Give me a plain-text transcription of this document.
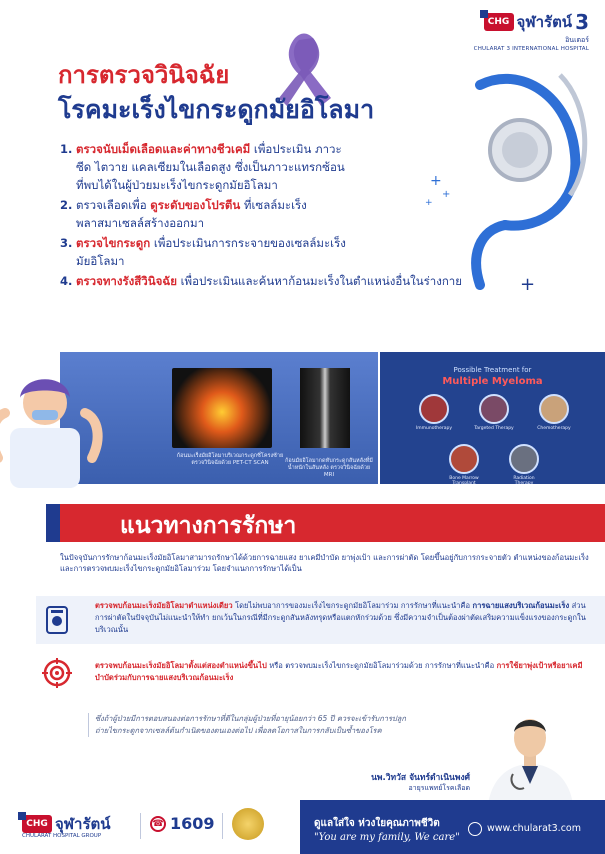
CHG จุฬารัตน์ 3
อินเตอร์
CHULARAT 3 INTERNATIONAL HOSPITAL
การตรวจวินิจฉัย
โรคมะเร็งไขกระดูกมัยอิโลมา
+
+
+
+
1. ตรวจนับเม็ดเลือดและค่าทางชีวเคมี เพื่อประเมิน ภาวะซีด ไตวาย แคลเซียมในเลือดสูง ซึ่งเป็นภาวะแทรกซ้อนที่พบได้ในผู้ป่วยมะเร็งไขกระดูกมัยอิโลมา
2. ตรวจเลือดเพื่อ ดูระดับของโปรตีน ที่เซลล์มะเร็งพลาสมาเซลล์สร้างออกมา
3. ตรวจไขกระดูก เพื่อประเมินการกระจายของเซลล์มะเร็งมัยอิโลมา
4. ตรวจทางรังสีวินิจฉัย เพื่อประเมินและค้นหาก้อนมะเร็งในตำแหน่งอื่นในร่างกาย
ก้อนมะเร็งมัยอิโลมาบริเวณกระดูกซี่โครงซ้าย ตรวจวินิจฉัยด้วย PET-CT SCAN	ก้อนมัยอิโลมากดทับกระดูกสันหลังที่มีน้ำหนักในสันหลัง ตรวจวินิจฉัยด้วย MRI
Possible Treatment for
Multiple Myeloma
Immunotherapy	Targeted Therapy	Chemotherapy
Bone Marrow Transplant
Radiation Therapy
แนวทางการรักษา
ในปัจจุบันการรักษาก้อนมะเร็งมัยอิโลมาสามารถรักษาได้ด้วยการฉายแสง ยาเคมีบำบัด ยาพุ่งเป้า และการผ่าตัด โดยขึ้นอยู่กับการกระจายตัว ตำแหน่งของก้อนมะเร็ง และการตรวจพบมะเร็งไขกระดูกมัยอิโลมาร่วม โดยจำแนกการรักษาได้เป็น
ตรวจพบก้อนมะเร็งมัยอิโลมาตำแหน่งเดียว โดยไม่พบอาการของมะเร็งไขกระดูกมัยอิโลมาร่วม การรักษาที่แนะนำคือ การฉายแสงบริเวณก้อนมะเร็ง ส่วนการผ่าตัดในปัจจุบันไม่แนะนำให้ทำ ยกเว้นในกรณีที่มีกระดูกสันหลังทรุดหรือแตกหักร่วมด้วย ซึ่งมีความจำเป็นต้องผ่าตัดเสริมความแข็งแรงของกระดูกในบริเวณนั้น
ตรวจพบก้อนมะเร็งมัยอิโลมาตั้งแต่สองตำแหน่งขึ้นไป หรือ ตรวจพบมะเร็งไขกระดูกมัยอิโลมาร่วมด้วย การรักษาที่แนะนำคือ การใช้ยาพุ่งเป้าหรือยาเคมีบำบัดร่วมกับการฉายแสงบริเวณก้อนมะเร็ง
ซึ่งถ้าผู้ป่วยมีการตอบสนองต่อการรักษาที่ดีในกลุ่มผู้ป่วยที่อายุน้อยกว่า 65 ปี ควรจะเข้ารับการปลูกถ่ายไขกระดูกจากเซลล์ต้นกำเนิดของตนเองต่อไป เพื่อลดโอกาสในการกลับเป็นซ้ำของโรค
นพ.วิทวัส จันทร์ดำเนินพงศ์
อายุรแพทย์โรคเลือด
CHG จุฬารัตน์
CHULARAT HOSPITAL GROUP
☎ 1609	ดูแลใส่ใจ ห่วงใยคุณภาพชีวิต
"You are my family, We care"
www.chularat3.com
